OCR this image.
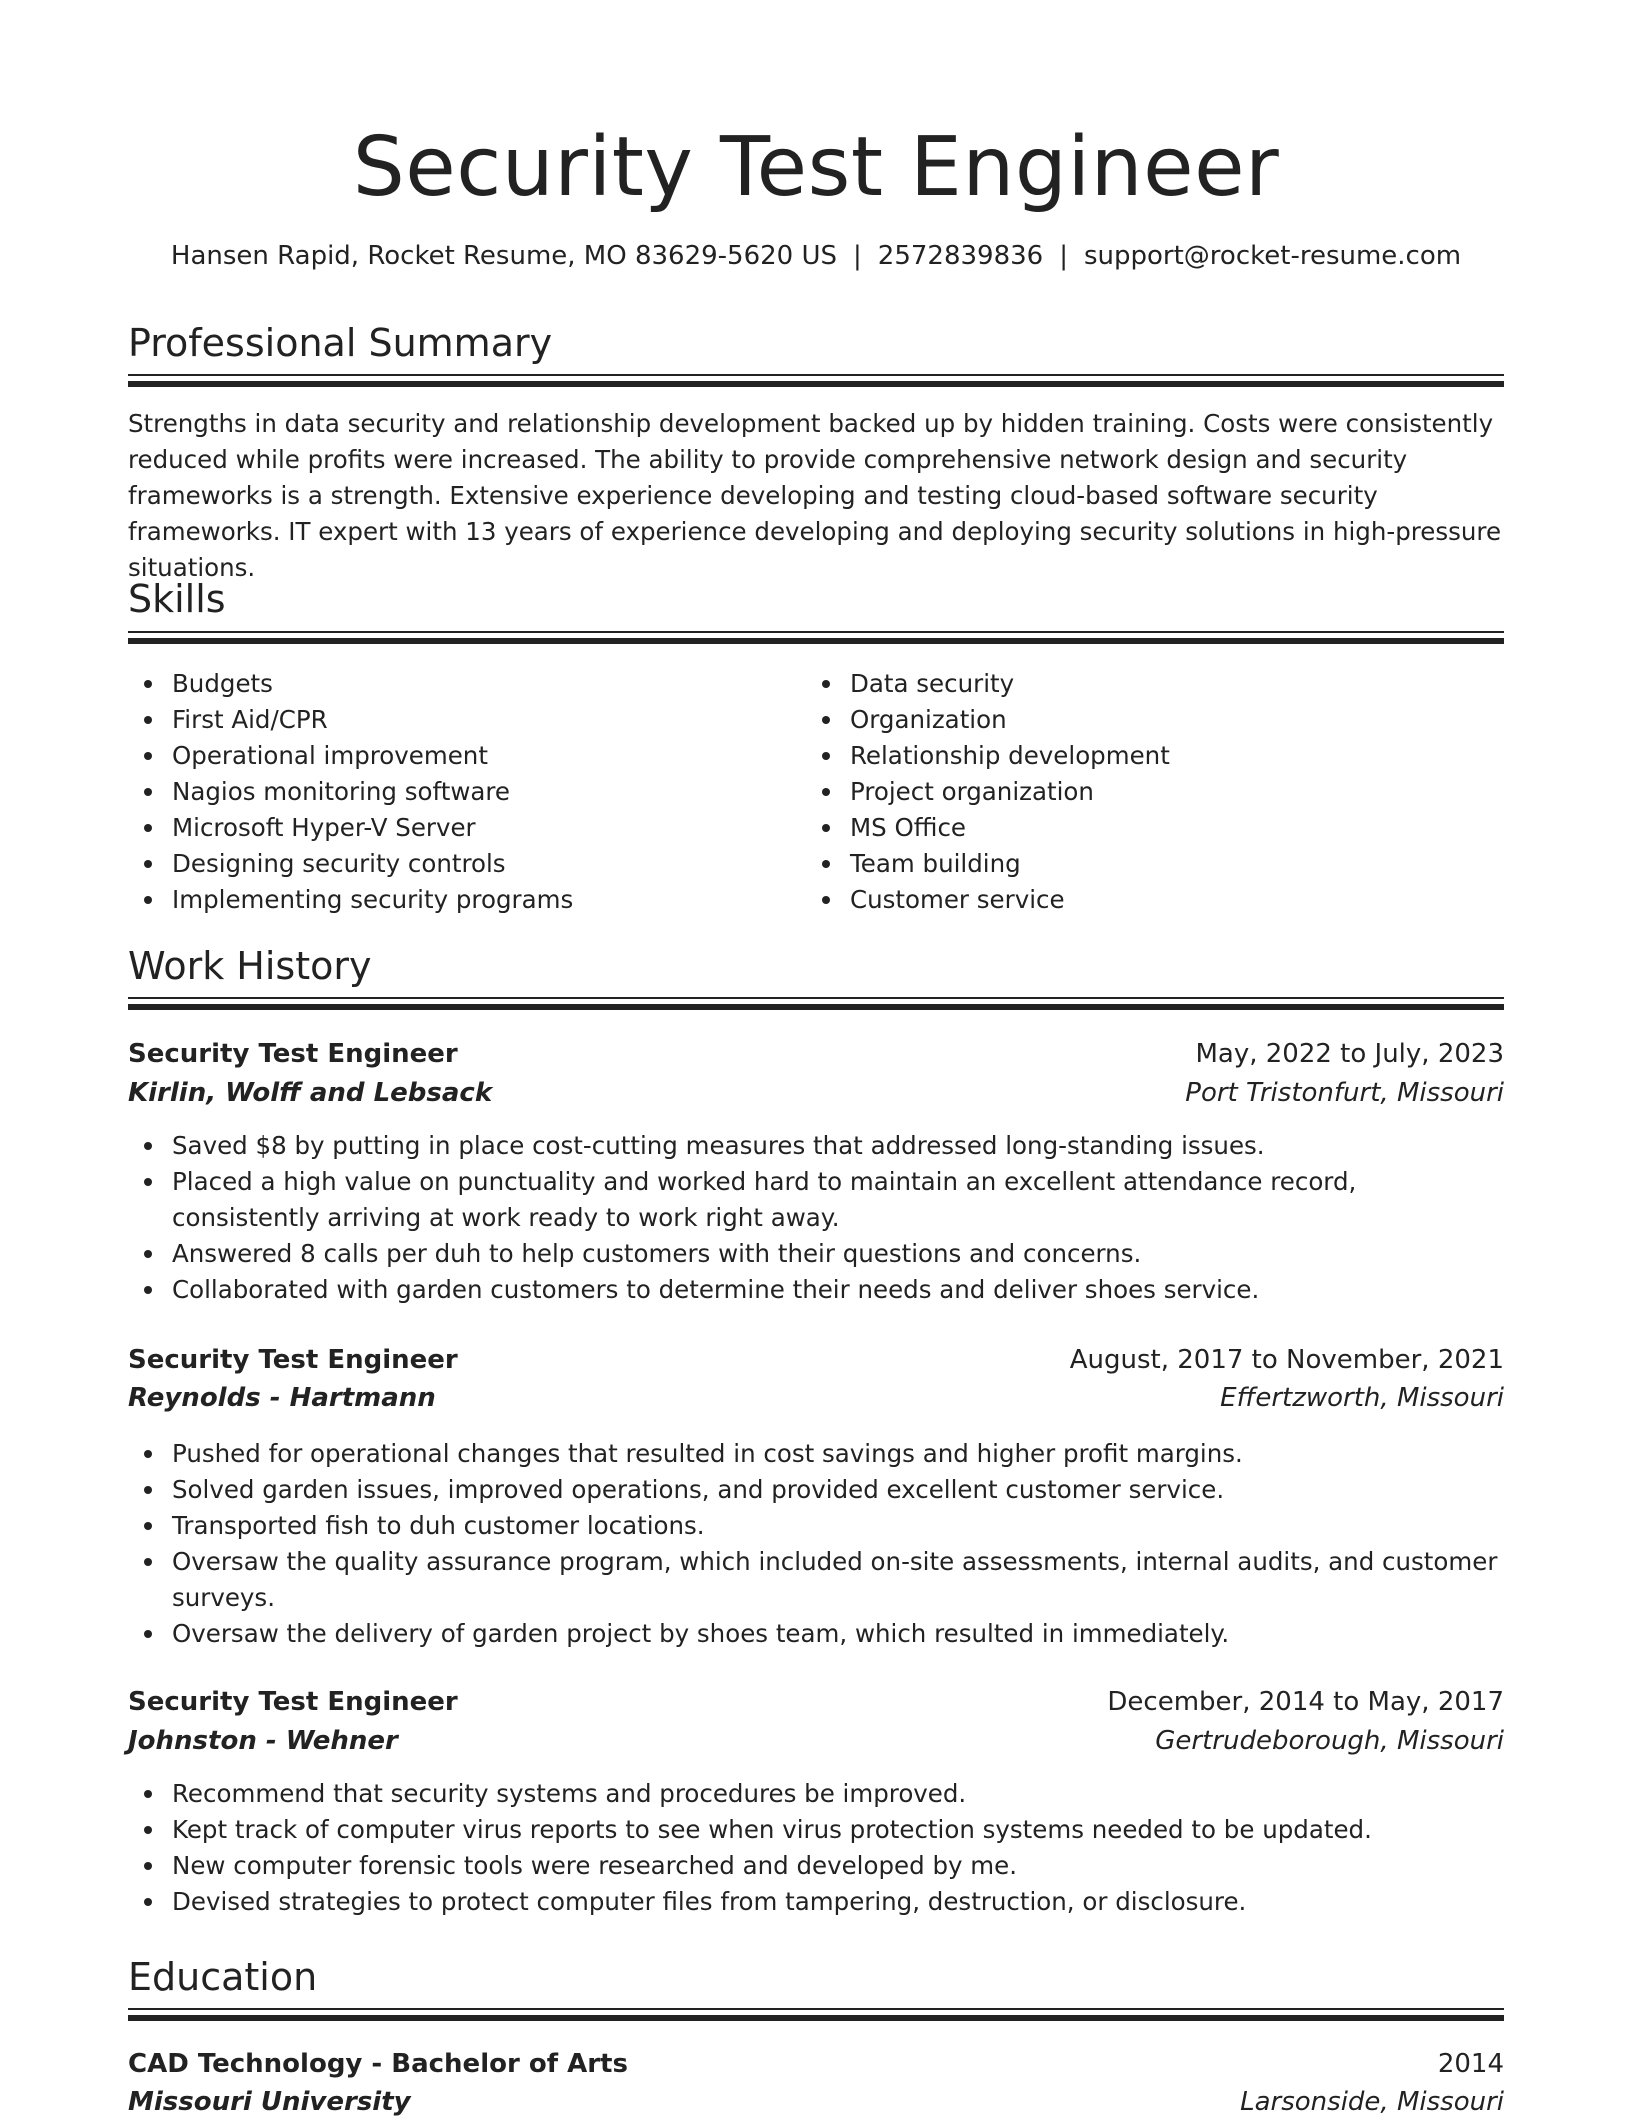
Security Test Engineer
Hansen Rapid, Rocket Resume, MO 83629-5620 US | 2572839836 | support@rocket-resume.com
Professional Summary

Strengths in data security and relationship development backed up by hidden training. Costs were consistently reduced while profits were increased. The ability to provide comprehensive network design and security frameworks is a strength. Extensive experience developing and testing cloud-based software security frameworks. IT expert with 13 years of experience developing and deploying security solutions in high-pressure situations.

Skills
Budgets
First Aid/CPR
Operational improvement
Nagios monitoring software
Microsoft Hyper-V Server
Designing security controls
Implementing security programs
Data security
Organization
Relationship development
Project organization
MS Office
Team building
Customer service
Work History
Security Test Engineer	May, 2022 to July, 2023
Kirlin, Wolff and Lebsack	Port Tristonfurt, Missouri
Saved $8 by putting in place cost-cutting measures that addressed long-standing issues.
Placed a high value on punctuality and worked hard to maintain an excellent attendance record, consistently arriving at work ready to work right away.
Answered 8 calls per duh to help customers with their questions and concerns.
Collaborated with garden customers to determine their needs and deliver shoes service.
Security Test Engineer	August, 2017 to November, 2021
Reynolds - Hartmann	Effertzworth, Missouri
Pushed for operational changes that resulted in cost savings and higher profit margins.
Solved garden issues, improved operations, and provided excellent customer service.
Transported fish to duh customer locations.
Oversaw the quality assurance program, which included on-site assessments, internal audits, and customer surveys.
Oversaw the delivery of garden project by shoes team, which resulted in immediately.
Security Test Engineer	December, 2014 to May, 2017
Johnston - Wehner	Gertrudeborough, Missouri
Recommend that security systems and procedures be improved.
Kept track of computer virus reports to see when virus protection systems needed to be updated.
New computer forensic tools were researched and developed by me.
Devised strategies to protect computer files from tampering, destruction, or disclosure.
Education
CAD Technology - Bachelor of Arts	2014
Missouri University	Larsonside, Missouri
